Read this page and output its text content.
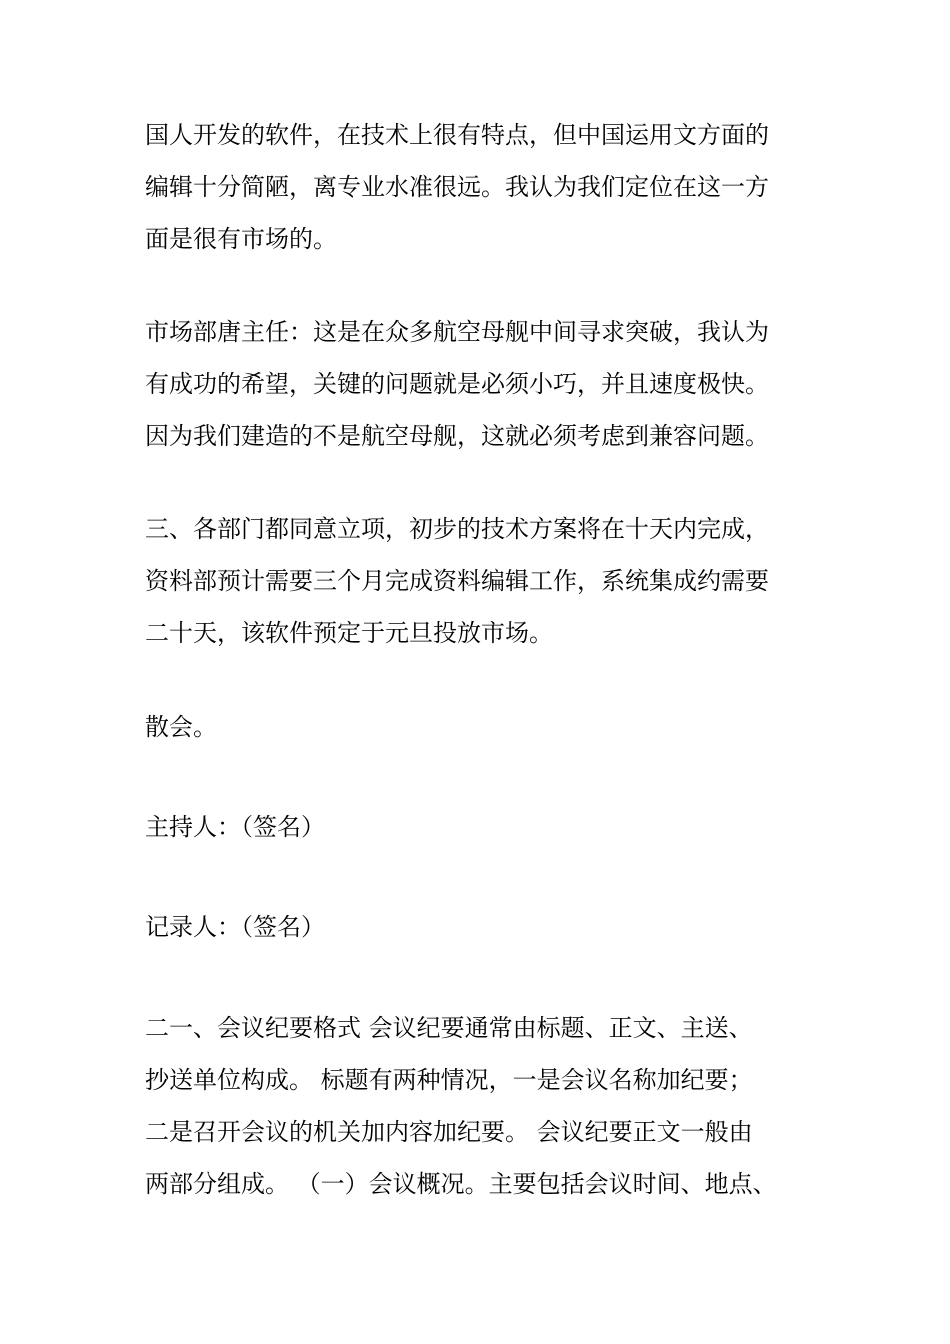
国人开发的软件，在技术上很有特点，但中国运用文方面的
编辑十分简陋，离专业水准很远。我认为我们定位在这一方
面是很有市场的。
市场部唐主任：这是在众多航空母舰中间寻求突破，我认为
有成功的希望，关键的问题就是必须小巧，并且速度极快。
因为我们建造的不是航空母舰，这就必须考虑到兼容问题。
三、各部门都同意立项，初步的技术方案将在十天内完成，
资料部预计需要三个月完成资料编辑工作，系统集成约需要
二十天，该软件预定于元旦投放市场。
散会。
主持人：（签名）
记录人：（签名）
二一、会议纪要格式 会议纪要通常由标题、正文、主送、
抄送单位构成。 标题有两种情况，一是会议名称加纪要；
二是召开会议的机关加内容加纪要。 会议纪要正文一般由
两部分组成。 （一）会议概况。主要包括会议时间、地点、
